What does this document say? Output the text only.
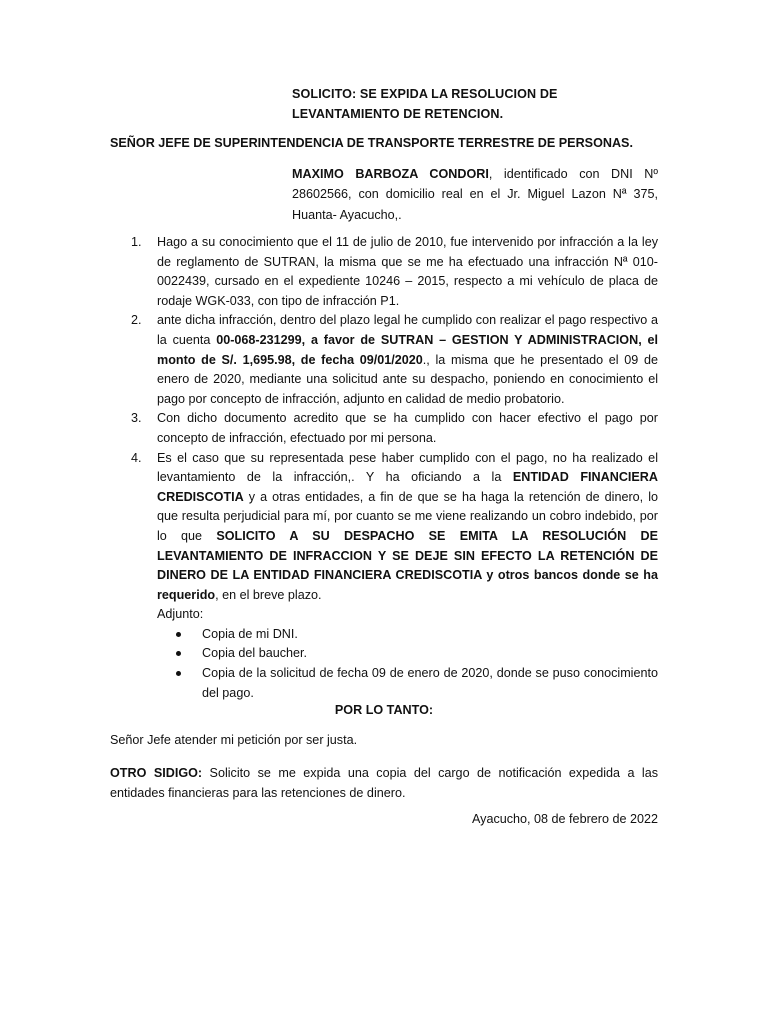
SOLICITO: SE EXPIDA LA RESOLUCION DE LEVANTAMIENTO DE RETENCION.
SEÑOR JEFE DE SUPERINTENDENCIA DE TRANSPORTE TERRESTRE DE PERSONAS.
MAXIMO BARBOZA CONDORI, identificado con DNI Nº 28602566, con domicilio real en el Jr. Miguel Lazon Nª 375, Huanta- Ayacucho,.
1.	Hago a su conocimiento que el 11 de julio de 2010, fue intervenido por infracción a la ley de reglamento de SUTRAN, la misma que se me ha efectuado una infracción Nª 010-0022439, cursado en el expediente 10246 – 2015, respecto a mi vehículo de placa de rodaje WGK-033, con tipo de infracción P1.
2.	ante dicha infracción, dentro del plazo legal he cumplido con realizar el pago respectivo a la cuenta 00-068-231299, a favor de SUTRAN – GESTION Y ADMINISTRACION, el monto de S/. 1,695.98, de fecha 09/01/2020., la misma que he presentado el 09 de enero de 2020, mediante una solicitud ante su despacho, poniendo en conocimiento el pago por concepto de infracción, adjunto en calidad de medio probatorio.
3.	Con dicho documento acredito que se ha cumplido con hacer efectivo el pago por concepto de infracción, efectuado por mi persona.
4.	Es el caso que su representada pese haber cumplido con el pago, no ha realizado el levantamiento de la infracción,. Y ha oficiando a la ENTIDAD FINANCIERA CREDISCOTIA y a otras entidades, a fin de que se ha haga la retención de dinero, lo que resulta perjudicial para mí, por cuanto se me viene realizando un cobro indebido, por lo que SOLICITO A SU DESPACHO SE EMITA LA RESOLUCIÓN DE LEVANTAMIENTO DE INFRACCION Y SE DEJE SIN EFECTO LA RETENCIÓN DE DINERO DE LA ENTIDAD FINANCIERA CREDISCOTIA y otros bancos donde se ha requerido, en el breve plazo.
Adjunto:
Copia de mi DNI.
Copia del baucher.
Copia de la solicitud de fecha 09 de enero de 2020, donde se puso conocimiento del pago.
POR LO TANTO:
Señor Jefe atender mi petición por ser justa.
OTRO SIDIGO: Solicito se me expida una copia del cargo de notificación expedida a las entidades financieras para las retenciones de dinero.
Ayacucho, 08 de febrero de 2022
